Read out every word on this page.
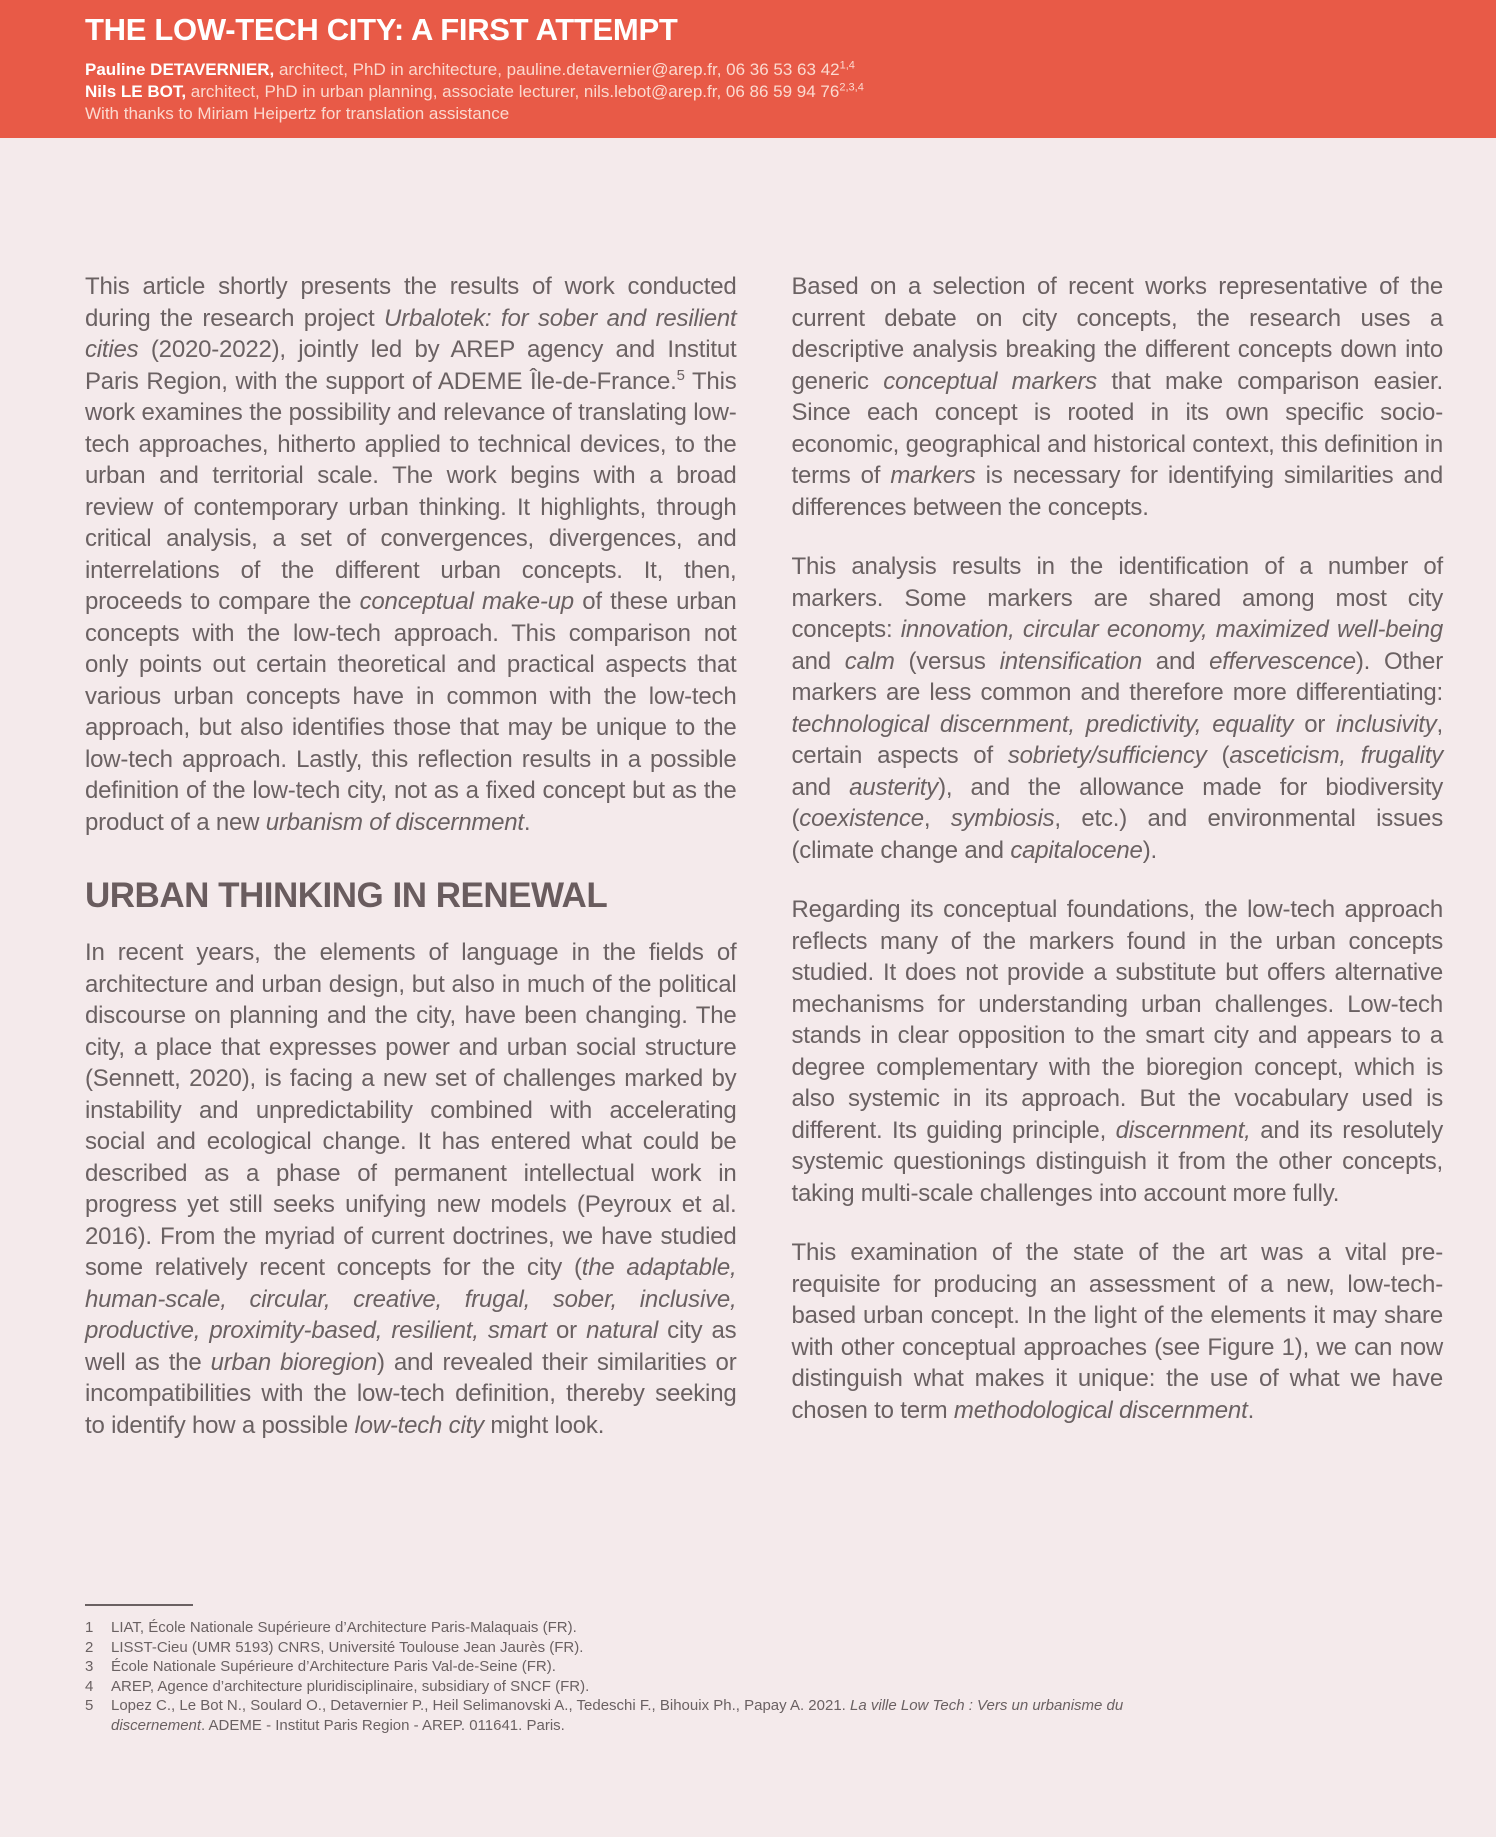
THE LOW-TECH CITY: A FIRST ATTEMPT
Pauline DETAVERNIER, architect, PhD in architecture, pauline.detavernier@arep.fr, 06 36 53 63 42$^{1,4}$
Nils LE BOT, architect, PhD in urban planning, associate lecturer, nils.lebot@arep.fr, 06 86 59 94 76$^{2,3,4}$
With thanks to Miriam Heipertz for translation assistance

This article shortly presents the results of work conducted during the research project Urbalotek: for sober and resilient cities (2020-2022), jointly led by AREP agency and Institut Paris Region, with the support of ADEME Île-de-France.$^5$ This work examines the possibility and relevance of translating low-tech approaches, hitherto applied to technical devices, to the urban and territorial scale. The work begins with a broad review of contemporary urban thinking. It highlights, through critical analysis, a set of convergences, divergences, and interrelations of the different urban concepts. It, then, proceeds to compare the conceptual make-up of these urban concepts with the low-tech approach. This comparison not only points out certain theoretical and practical aspects that various urban concepts have in common with the low-tech approach, but also identifies those that may be unique to the low-tech approach. Lastly, this reflection results in a possible definition of the low-tech city, not as a fixed concept but as the product of a new urbanism of discernment.

URBAN THINKING IN RENEWAL

In recent years, the elements of language in the fields of architecture and urban design, but also in much of the political discourse on planning and the city, have been changing. The city, a place that expresses power and urban social structure (Sennett, 2020), is facing a new set of challenges marked by instability and unpredictability combined with accelerating social and ecological change. It has entered what could be described as a phase of permanent intellectual work in progress yet still seeks unifying new models (Peyroux et al. 2016). From the myriad of current doctrines, we have studied some relatively recent concepts for the city (the adaptable, human-scale, circular, creative, frugal, sober, inclusive, productive, proximity-based, resilient, smart or natural city as well as the urban bioregion) and revealed their similarities or incompatibilities with the low-tech definition, thereby seeking to identify how a possible low-tech city might look.

Based on a selection of recent works representative of the current debate on city concepts, the research uses a descriptive analysis breaking the different concepts down into generic conceptual markers that make comparison easier. Since each concept is rooted in its own specific socio-economic, geographical and historical context, this definition in terms of markers is necessary for identifying similarities and differences between the concepts.

This analysis results in the identification of a number of markers. Some markers are shared among most city concepts: innovation, circular economy, maximized well-being and calm (versus intensification and effervescence). Other markers are less common and therefore more differentiating: technological discernment, predictivity, equality or inclusivity, certain aspects of sobriety/sufficiency (asceticism, frugality and austerity), and the allowance made for biodiversity (coexistence, symbiosis, etc.) and environmental issues (climate change and capitalocene).

Regarding its conceptual foundations, the low-tech approach reflects many of the markers found in the urban concepts studied. It does not provide a substitute but offers alternative mechanisms for understanding urban challenges. Low-tech stands in clear opposition to the smart city and appears to a degree complementary with the bioregion concept, which is also systemic in its approach. But the vocabulary used is different. Its guiding principle, discernment, and its resolutely systemic questionings distinguish it from the other concepts, taking multi-scale challenges into account more fully.

This examination of the state of the art was a vital pre-requisite for producing an assessment of a new, low-tech-based urban concept. In the light of the elements it may share with other conceptual approaches (see Figure 1), we can now distinguish what makes it unique: the use of what we have chosen to term methodological discernment.

1	LIAT, École Nationale Supérieure d’Architecture Paris-Malaquais (FR).
2	LISST-Cieu (UMR 5193) CNRS, Université Toulouse Jean Jaurès (FR).
3	École Nationale Supérieure d’Architecture Paris Val-de-Seine (FR).
4	AREP, Agence d’architecture pluridisciplinaire, subsidiary of SNCF (FR).
5	Lopez C., Le Bot N., Soulard O., Detavernier P., Heil Selimanovski A., Tedeschi F., Bihouix Ph., Papay A. 2021. La ville Low Tech : Vers un urbanisme du discernement. ADEME - Institut Paris Region - AREP. 011641. Paris.
